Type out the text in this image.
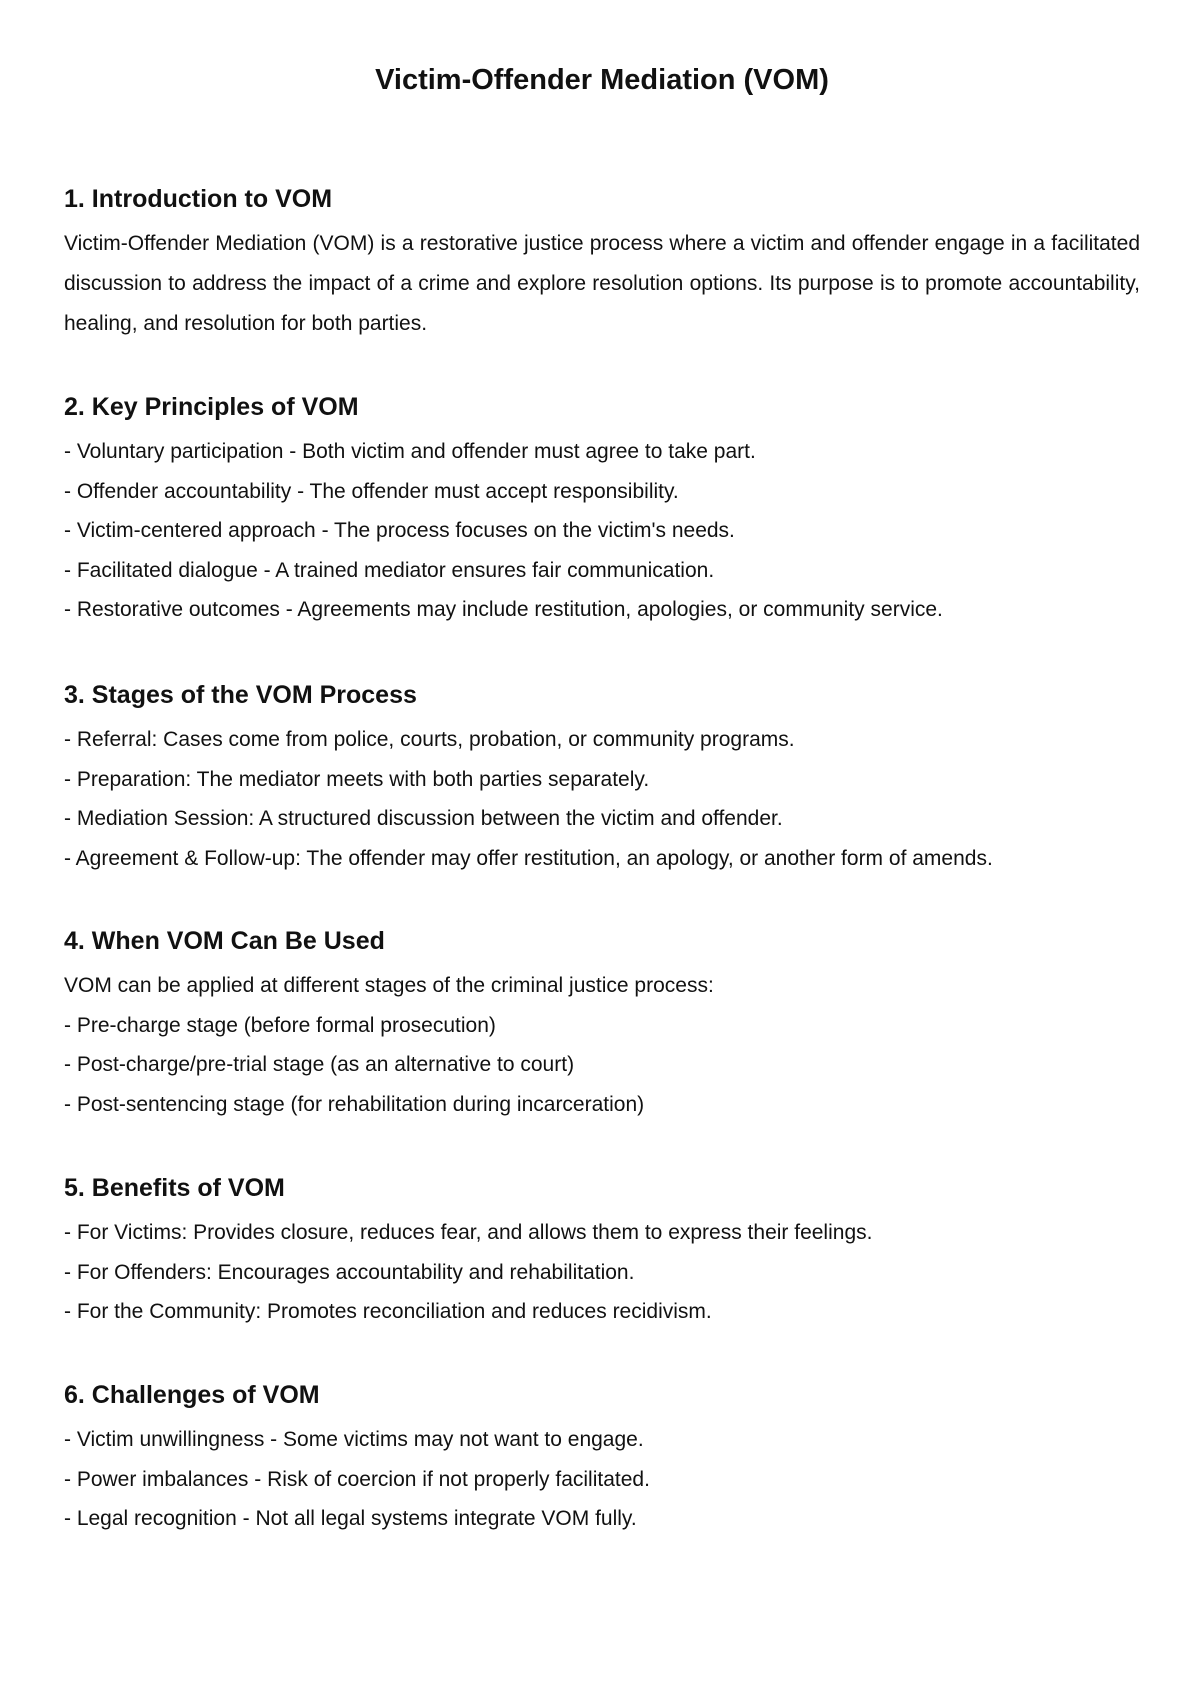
Victim-Offender Mediation (VOM)
1. Introduction to VOM

Victim-Offender Mediation (VOM) is a restorative justice process where a victim and offender engage in a facilitated discussion to address the impact of a crime and explore resolution options. Its purpose is to promote accountability, healing, and resolution for both parties.

2. Key Principles of VOM

- Voluntary participation - Both victim and offender must agree to take part.

- Offender accountability - The offender must accept responsibility.

- Victim-centered approach - The process focuses on the victim's needs.

- Facilitated dialogue - A trained mediator ensures fair communication.

- Restorative outcomes - Agreements may include restitution, apologies, or community service.

3. Stages of the VOM Process

- Referral: Cases come from police, courts, probation, or community programs.

- Preparation: The mediator meets with both parties separately.

- Mediation Session: A structured discussion between the victim and offender.

- Agreement & Follow-up: The offender may offer restitution, an apology, or another form of amends.

4. When VOM Can Be Used

VOM can be applied at different stages of the criminal justice process:

- Pre-charge stage (before formal prosecution)

- Post-charge/pre-trial stage (as an alternative to court)

- Post-sentencing stage (for rehabilitation during incarceration)

5. Benefits of VOM

- For Victims: Provides closure, reduces fear, and allows them to express their feelings.

- For Offenders: Encourages accountability and rehabilitation.

- For the Community: Promotes reconciliation and reduces recidivism.

6. Challenges of VOM

- Victim unwillingness - Some victims may not want to engage.

- Power imbalances - Risk of coercion if not properly facilitated.

- Legal recognition - Not all legal systems integrate VOM fully.
